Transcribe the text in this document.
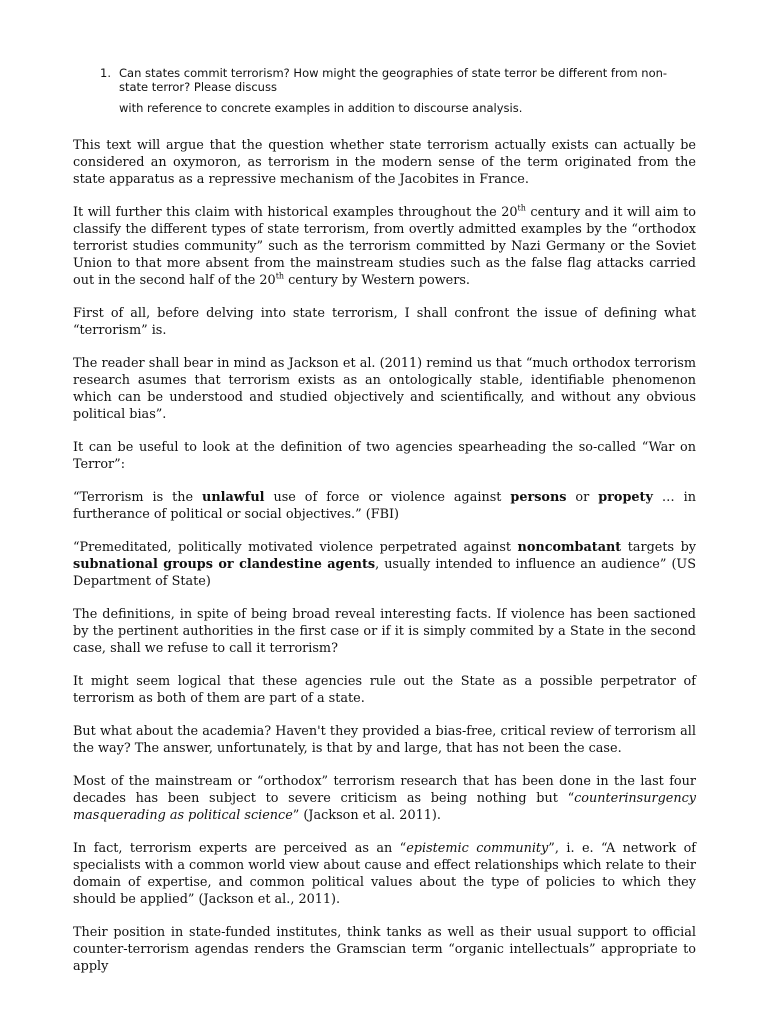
1. Can states commit terrorism? How might the geographies of state terror be different from non-state terror? Please discuss
with reference to concrete examples in addition to discourse analysis.

This text will argue that the question whether state terrorism actually exists can actually be considered an oxymoron, as terrorism in the modern sense of the term originated from the state apparatus as a repressive mechanism of the Jacobites in France.

It will further this claim with historical examples throughout the 20th century and it will aim to classify the different types of state terrorism, from overtly admitted examples by the “orthodox terrorist studies community” such as the terrorism committed by Nazi Germany or the Soviet Union to that more absent from the mainstream studies such as the false flag attacks carried out in the second half of the 20th century by Western powers.

First of all, before delving into state terrorism, I shall confront the issue of defining what “terrorism” is.

The reader shall bear in mind as Jackson et al. (2011) remind us that “much orthodox terrorism research asumes that terrorism exists as an ontologically stable, identifiable phenomenon which can be understood and studied objectively and scientifically, and without any obvious political bias”.

It can be useful to look at the definition of two agencies spearheading the so-called “War on Terror”:

“Terrorism is the unlawful use of force or violence against persons or propety … in furtherance of political or social objectives.” (FBI)

“Premeditated, politically motivated violence perpetrated against noncombatant targets by subnational groups or clandestine agents, usually intended to influence an audience” (US Department of State)

The definitions, in spite of being broad reveal interesting facts. If violence has been sactioned by the pertinent authorities in the first case or if it is simply commited by a State in the second case, shall we refuse to call it terrorism?

It might seem logical that these agencies rule out the State as a possible perpetrator of terrorism as both of them are part of a state.

But what about the academia? Haven't they provided a bias-free, critical review of terrorism all the way? The answer, unfortunately, is that by and large, that has not been the case.

Most of the mainstream or “orthodox” terrorism research that has been done in the last four decades has been subject to severe criticism as being nothing but “counterinsurgency masquerading as political science” (Jackson et al. 2011).

In fact, terrorism experts are perceived as an “epistemic community”, i. e. “A network of specialists with a common world view about cause and effect relationships which relate to their domain of expertise, and common political values about the type of policies to which they should be applied” (Jackson et al., 2011).

Their position in state-funded institutes, think tanks as well as their usual support to official counter-terrorism agendas renders the Gramscian term “organic intellectuals” appropriate to apply
